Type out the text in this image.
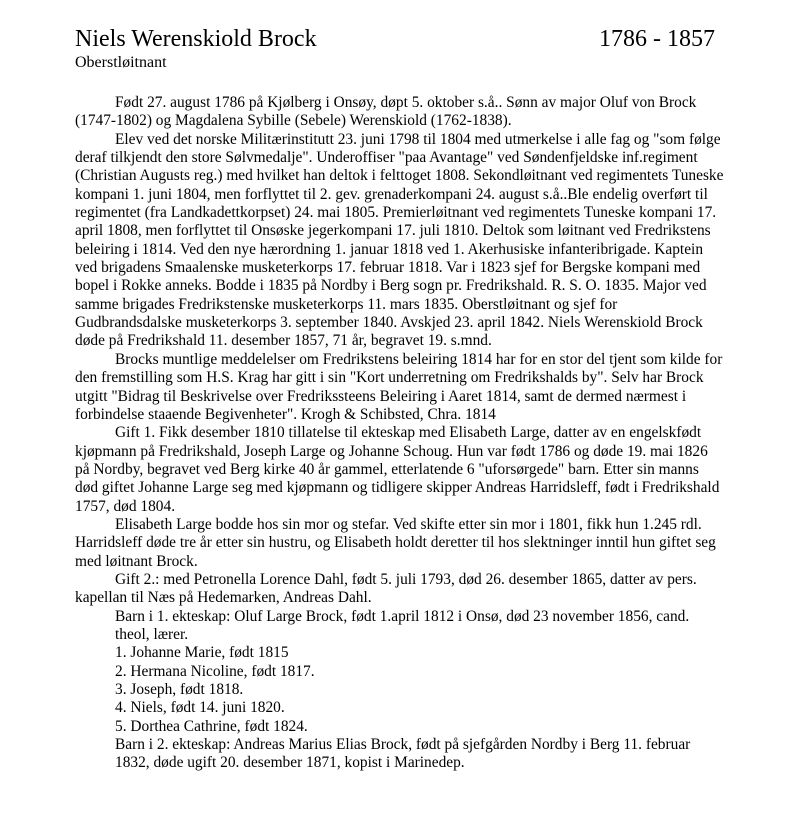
Niels Werenskiold Brock	1786 - 1857
Oberstløitnant

Født 27. august 1786 på Kjølberg i Onsøy, døpt 5. oktober s.å.. Sønn av major Oluf von Brock (1747-1802) og Magdalena Sybille (Sebele) Werenskiold (1762-1838).

Elev ved det norske Militærinstitutt 23. juni 1798 til 1804 med utmerkelse i alle fag og "som følge deraf tilkjendt den store Sølvmedalje". Underoffiser "paa Avantage" ved Søndenfjeldske inf.regiment (Christian Augusts reg.) med hvilket han deltok i felttoget 1808. Sekondløitnant ved regimentets Tuneske kompani 1. juni 1804, men forflyttet til 2. gev. grenaderkompani 24. august s.å..Ble endelig overført til regimentet (fra Landkadettkorpset) 24. mai 1805. Premierløitnant ved regimentets Tuneske kompani 17. april 1808, men forflyttet til Onsøske jegerkompani 17. juli 1810. Deltok som løitnant ved Fredrikstens beleiring i 1814. Ved den nye hærordning 1. januar 1818 ved 1. Akerhusiske infanteribrigade. Kaptein ved brigadens Smaalenske musketerkorps 17. februar 1818. Var i 1823 sjef for Bergske kompani med bopel i Rokke anneks. Bodde i 1835 på Nordby i Berg sogn pr. Fredrikshald. R. S. O. 1835. Major ved samme brigades Fredrikstenske musketerkorps 11. mars 1835. Oberstløitnant og sjef for Gudbrandsdalske musketerkorps 3. september 1840. Avskjed 23. april 1842. Niels Werenskiold Brock døde på Fredrikshald 11. desember 1857, 71 år, begravet 19. s.mnd.

Brocks muntlige meddelelser om Fredrikstens beleiring 1814 har for en stor del tjent som kilde for den fremstilling som H.S. Krag har gitt i sin "Kort underretning om Fredrikshalds by". Selv har Brock utgitt "Bidrag til Beskrivelse over Fredrikssteens Beleiring i Aaret 1814, samt de dermed nærmest i forbindelse staaende Begivenheter". Krogh & Schibsted, Chra. 1814

Gift 1. Fikk desember 1810 tillatelse til ekteskap med Elisabeth Large, datter av en engelskfødt kjøpmann på Fredrikshald, Joseph Large og Johanne Schoug. Hun var født 1786 og døde 19. mai 1826 på Nordby, begravet ved Berg kirke 40 år gammel, etterlatende 6 "uforsørgede" barn. Etter sin manns død giftet Johanne Large seg med kjøpmann og tidligere skipper Andreas Harridsleff, født i Fredrikshald 1757, død 1804.

Elisabeth Large bodde hos sin mor og stefar. Ved skifte etter sin mor i 1801, fikk hun 1.245 rdl. Harridsleff døde tre år etter sin hustru, og Elisabeth holdt deretter til hos slektninger inntil hun giftet seg med løitnant Brock.

Gift 2.: med Petronella Lorence Dahl, født 5. juli 1793, død 26. desember 1865, datter av pers. kapellan til Næs på Hedemarken, Andreas Dahl.

Barn i 1. ekteskap: Oluf Large Brock, født 1.april 1812 i Onsø, død 23 november 1856, cand. theol, lærer.

1. Johanne Marie, født 1815
2. Hermana Nicoline, født 1817.
3. Joseph, født 1818.
4. Niels, født 14. juni 1820.
5. Dorthea Cathrine, født 1824.

Barn i 2. ekteskap: Andreas Marius Elias Brock, født på sjefgården Nordby i Berg 11. februar 1832, døde ugift 20. desember 1871, kopist i Marinedep.
